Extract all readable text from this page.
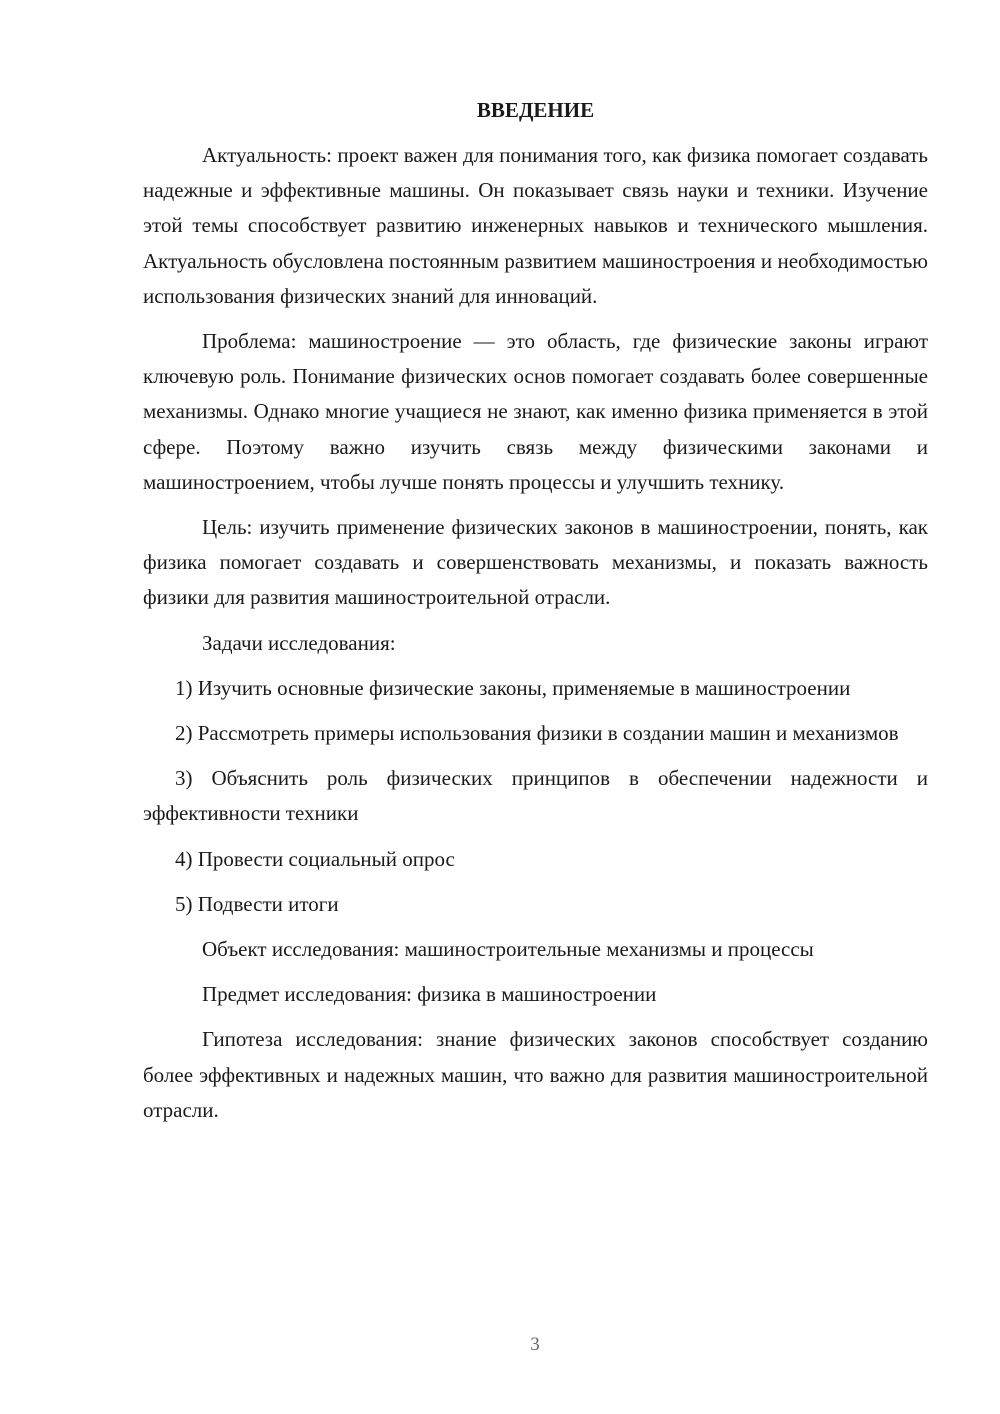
ВВЕДЕНИЕ

Актуальность: проект важен для понимания того, как физика помогает создавать надежные и эффективные машины. Он показывает связь науки и техники. Изучение этой темы способствует развитию инженерных навыков и технического мышления. Актуальность обусловлена постоянным развитием машиностроения и необходимостью использования физических знаний для инноваций.

Проблема: машиностроение — это область, где физические законы играют ключевую роль. Понимание физических основ помогает создавать более совершенные механизмы. Однако многие учащиеся не знают, как именно физика применяется в этой сфере. Поэтому важно изучить связь между физическими законами и машиностроением, чтобы лучше понять процессы и улучшить технику.

Цель: изучить применение физических законов в машиностроении, понять, как физика помогает создавать и совершенствовать механизмы, и показать важность физики для развития машиностроительной отрасли.

Задачи исследования:

1) Изучить основные физические законы, применяемые в машиностроении

2) Рассмотреть примеры использования физики в создании машин и механизмов

3) Объяснить роль физических принципов в обеспечении надежности и эффективности техники

4) Провести социальный опрос

5) Подвести итоги

Объект исследования: машиностроительные механизмы и процессы

Предмет исследования: физика в машиностроении

Гипотеза исследования: знание физических законов способствует созданию более эффективных и надежных машин, что важно для развития машиностроительной отрасли.

3
